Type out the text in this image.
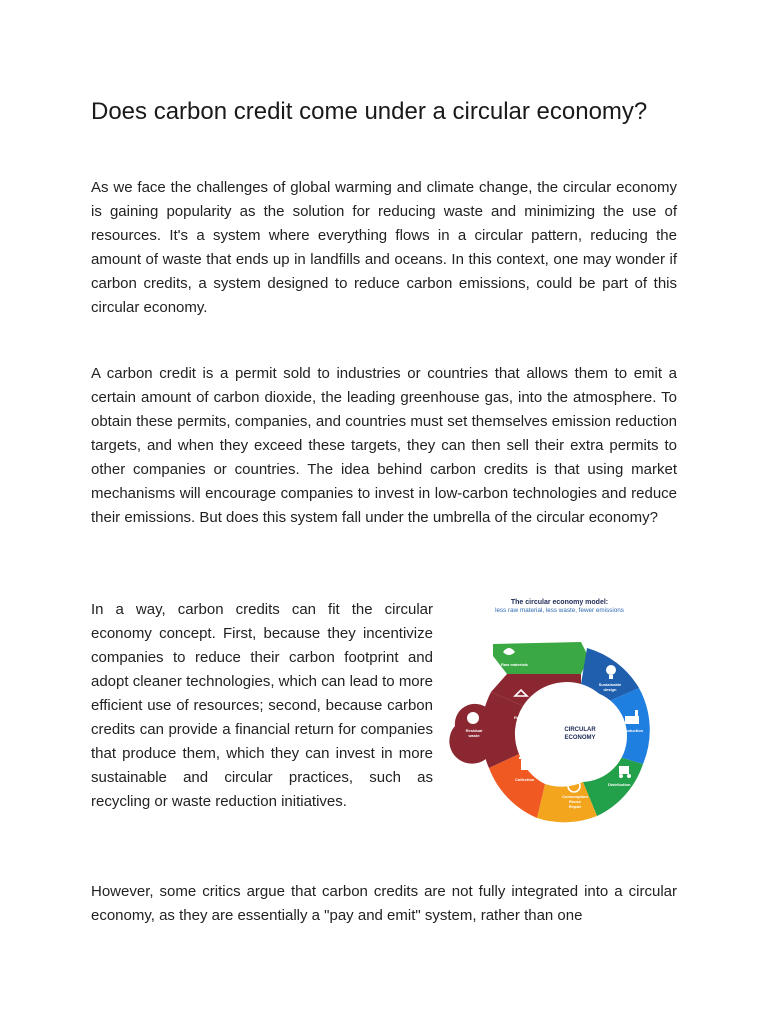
Does carbon credit come under a circular economy?

As we face the challenges of global warming and climate change, the circular economy is gaining popularity as the solution for reducing waste and minimizing the use of resources. It's a system where everything flows in a circular pattern, reducing the amount of waste that ends up in landfills and oceans. In this context, one may wonder if carbon credits, a system designed to reduce carbon emissions, could be part of this circular economy.

A carbon credit is a permit sold to industries or countries that allows them to emit a certain amount of carbon dioxide, the leading greenhouse gas, into the atmosphere. To obtain these permits, companies, and countries must set themselves emission reduction targets, and when they exceed these targets, they can then sell their extra permits to other companies or countries. The idea behind carbon credits is that using market mechanisms will encourage companies to invest in low-carbon technologies and reduce their emissions. But does this system fall under the umbrella of the circular economy?

In a way, carbon credits can fit the circular economy concept. First, because they incentivize companies to reduce their carbon footprint and adopt cleaner technologies, which can lead to more efficient use of resources; second, because carbon credits can provide a financial return for companies that produce them, which they can invest in more sustainable and circular practices, such as recycling or waste reduction initiatives.

The circular economy model:
less raw material, less waste, fewer emissions
CIRCULAR
ECONOMY
Raw materials
Sustainable design
Production
Distribution
Consumption
Reuse
Repair
Collection
Recycling
Residual
waste

However, some critics argue that carbon credits are not fully integrated into a circular economy, as they are essentially a "pay and emit" system, rather than one
